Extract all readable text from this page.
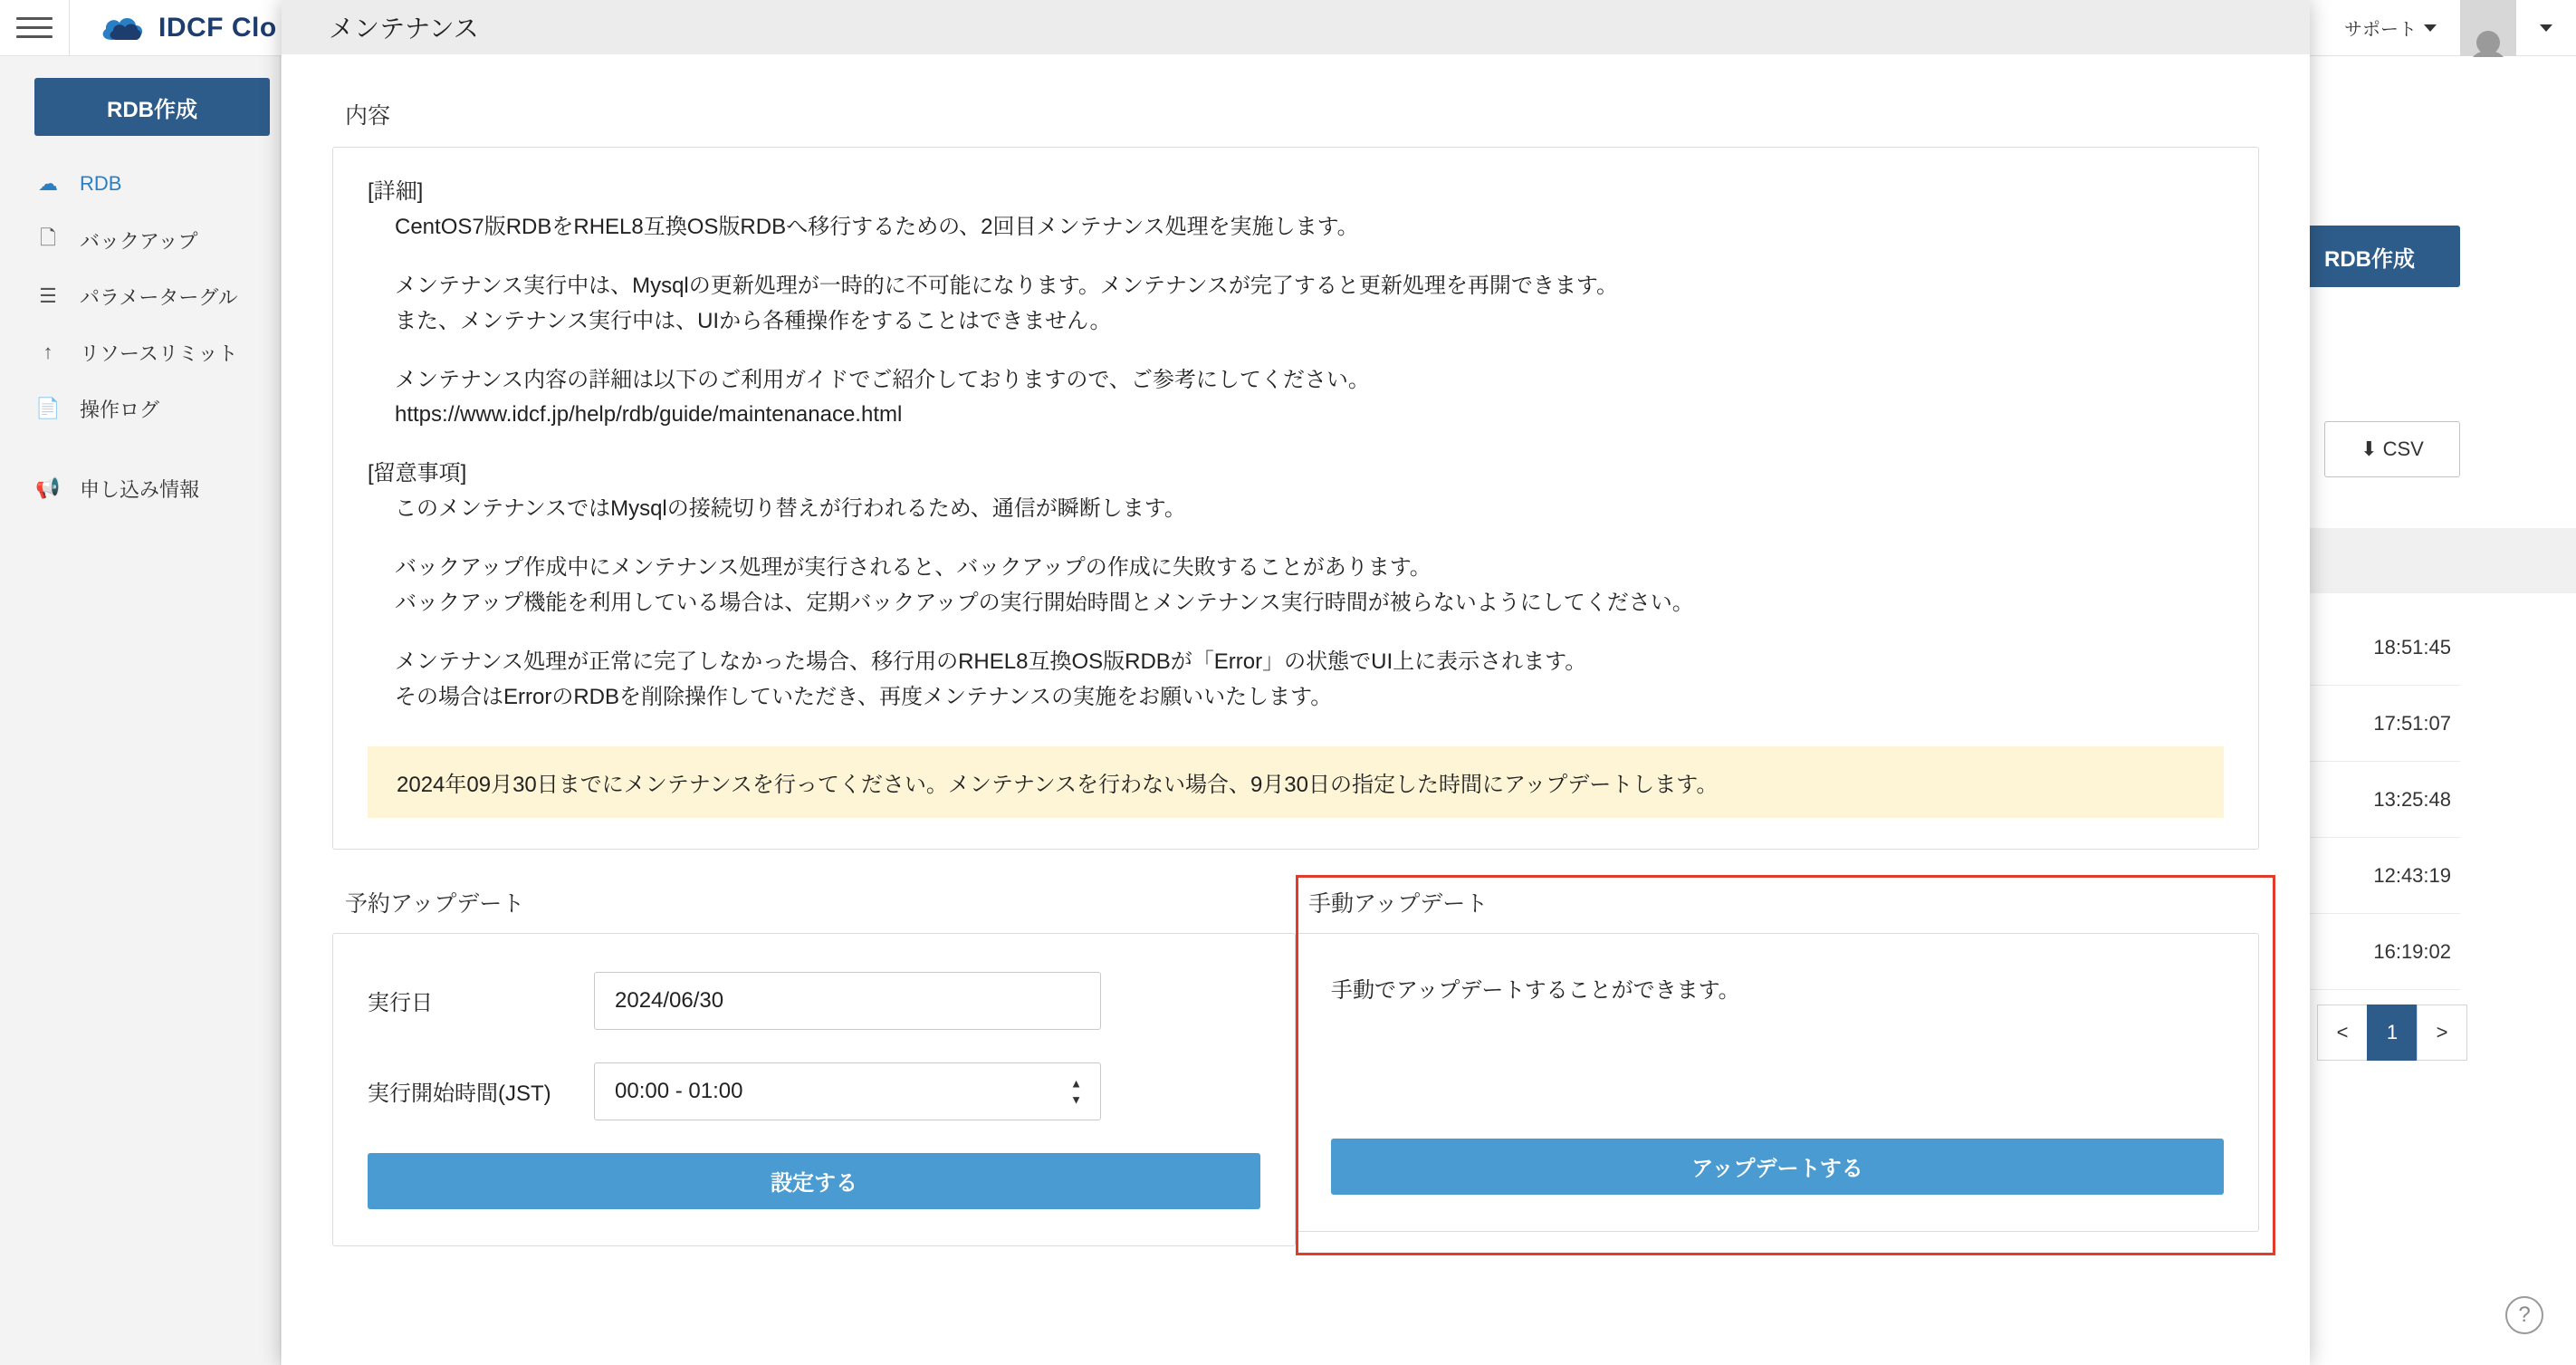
IDCF Clo	サポート
RDB作成
☁ RDB
🗋 バックアップ
☰ パラメーターグル
↑	リソースリミット
📄 操作ログ
📢 申し込み情報
RDB作成
⬇ CSV
18:51:45
17:51:07
13:25:48
12:43:19
16:19:02
<	1	>
?
メンテナンス
内容

[詳細]

CentOS7版RDBをRHEL8互換OS版RDBへ移行するための、2回目メンテナンス処理を実施します。

メンテナンス実行中は、Mysqlの更新処理が一時的に不可能になります。メンテナンスが完了すると更新処理を再開できます。

また、メンテナンス実行中は、UIから各種操作をすることはできません。

メンテナンス内容の詳細は以下のご利用ガイドでご紹介しておりますので、ご参考にしてください。

https://www.idcf.jp/help/rdb/guide/maintenanace.html

[留意事項]

このメンテナンスではMysqlの接続切り替えが行われるため、通信が瞬断します。

バックアップ作成中にメンテナンス処理が実行されると、バックアップの作成に失敗することがあります。

バックアップ機能を利用している場合は、定期バックアップの実行開始時間とメンテナンス実行時間が被らないようにしてください。

メンテナンス処理が正常に完了しなかった場合、移行用のRHEL8互換OS版RDBが「Error」の状態でUI上に表示されます。

その場合はErrorのRDBを削除操作していただき、再度メンテナンスの実施をお願いいたします。

2024年09月30日までにメンテナンスを行ってください。メンテナンスを行わない場合、9月30日の指定した時間にアップデートします。
予約アップデート
実行日	2024/06/30
実行開始時間(JST)	00:00 - 01:00	▲
▼
設定する
手動アップデート
手動でアップデートすることができます。
アップデートする
